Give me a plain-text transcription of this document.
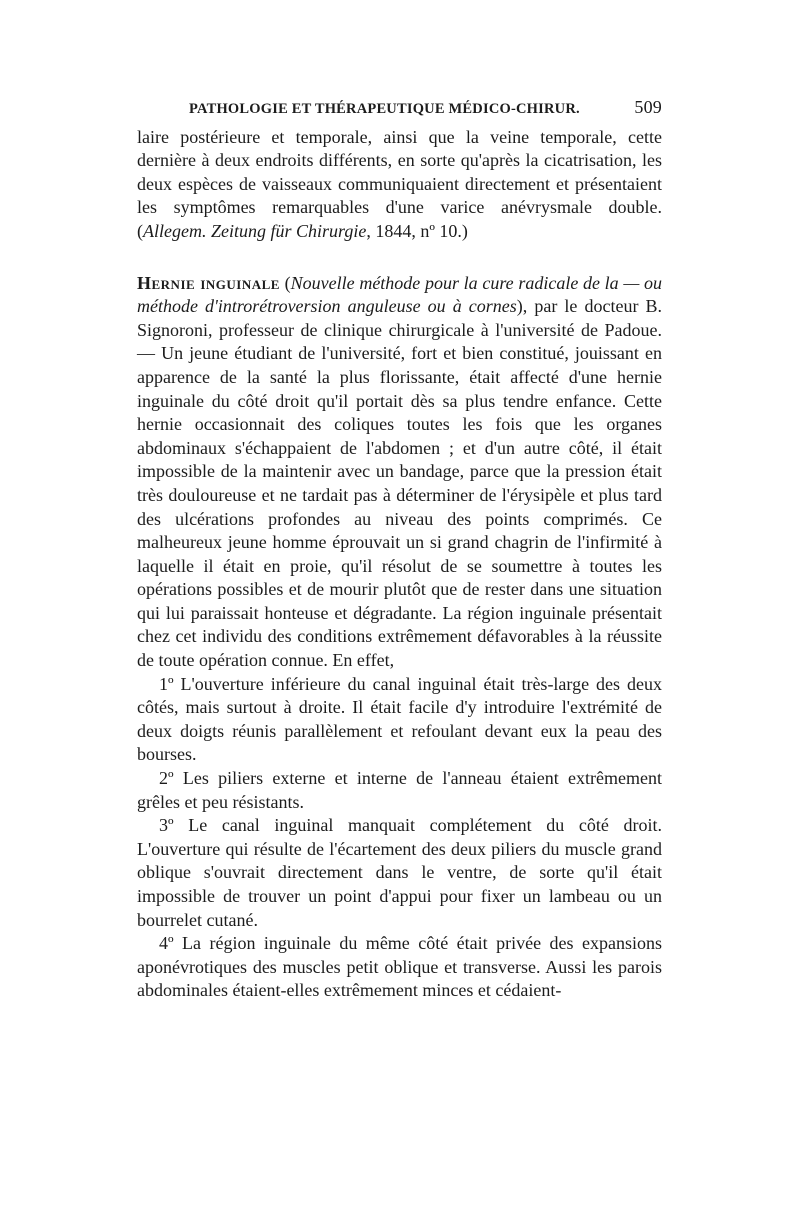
PATHOLOGIE ET THÉRAPEUTIQUE MÉDICO-CHIRUR.	509

laire postérieure et temporale, ainsi que la veine temporale, cette dernière à deux endroits différents, en sorte qu'après la cicatrisation, les deux espèces de vaisseaux communiquaient directement et présentaient les symptômes remarquables d'une varice anévrysmale double. (Allegem. Zeitung für Chirurgie, 1844, nº 10.)

Hernie inguinale (Nouvelle méthode pour la cure radicale de la — ou méthode d'introrétroversion angulеuse ou à cornes), par le docteur B. Signoroni, professeur de clinique chirurgicale à l'université de Padoue. — Un jeune étudiant de l'université, fort et bien constitué, jouissant en apparence de la santé la plus florissante, était affecté d'une hernie inguinale du côté droit qu'il portait dès sa plus tendre enfance. Cette hernie occasionnait des coliques toutes les fois que les organes abdominaux s'échappaient de l'abdomen ; et d'un autre côté, il était impossible de la maintenir avec un bandage, parce que la pression était très douloureuse et ne tardait pas à déterminer de l'érysipèle et plus tard des ulcérations profondes au niveau des points comprimés. Ce malheureux jeune homme éprouvait un si grand chagrin de l'infirmité à laquelle il était en proie, qu'il résolut de se soumettre à toutes les opérations possibles et de mourir plutôt que de rester dans une situation qui lui paraissait honteuse et dégradante. La région inguinale présentait chez cet individu des conditions extrêmement défavorables à la réussite de toute opération connue. En effet,

1º L'ouverture inférieure du canal inguinal était très-large des deux côtés, mais surtout à droite. Il était facile d'y introduire l'extrémité de deux doigts réunis parallèlement et refoulant devant eux la peau des bourses.

2º Les piliers externe et interne de l'anneau étaient extrêmement grêles et peu résistants.

3º Le canal inguinal manquait complétement du côté droit. L'ouverture qui résulte de l'écartement des deux piliers du muscle grand oblique s'ouvrait directement dans le ventre, de sorte qu'il était impossible de trouver un point d'appui pour fixer un lambeau ou un bourrelet cutané.

4º La région inguinale du même côté était privée des expansions aponévrotiques des muscles petit oblique et transverse. Aussi les parois abdominales étaient-elles extrêmement minces et cédaient-
